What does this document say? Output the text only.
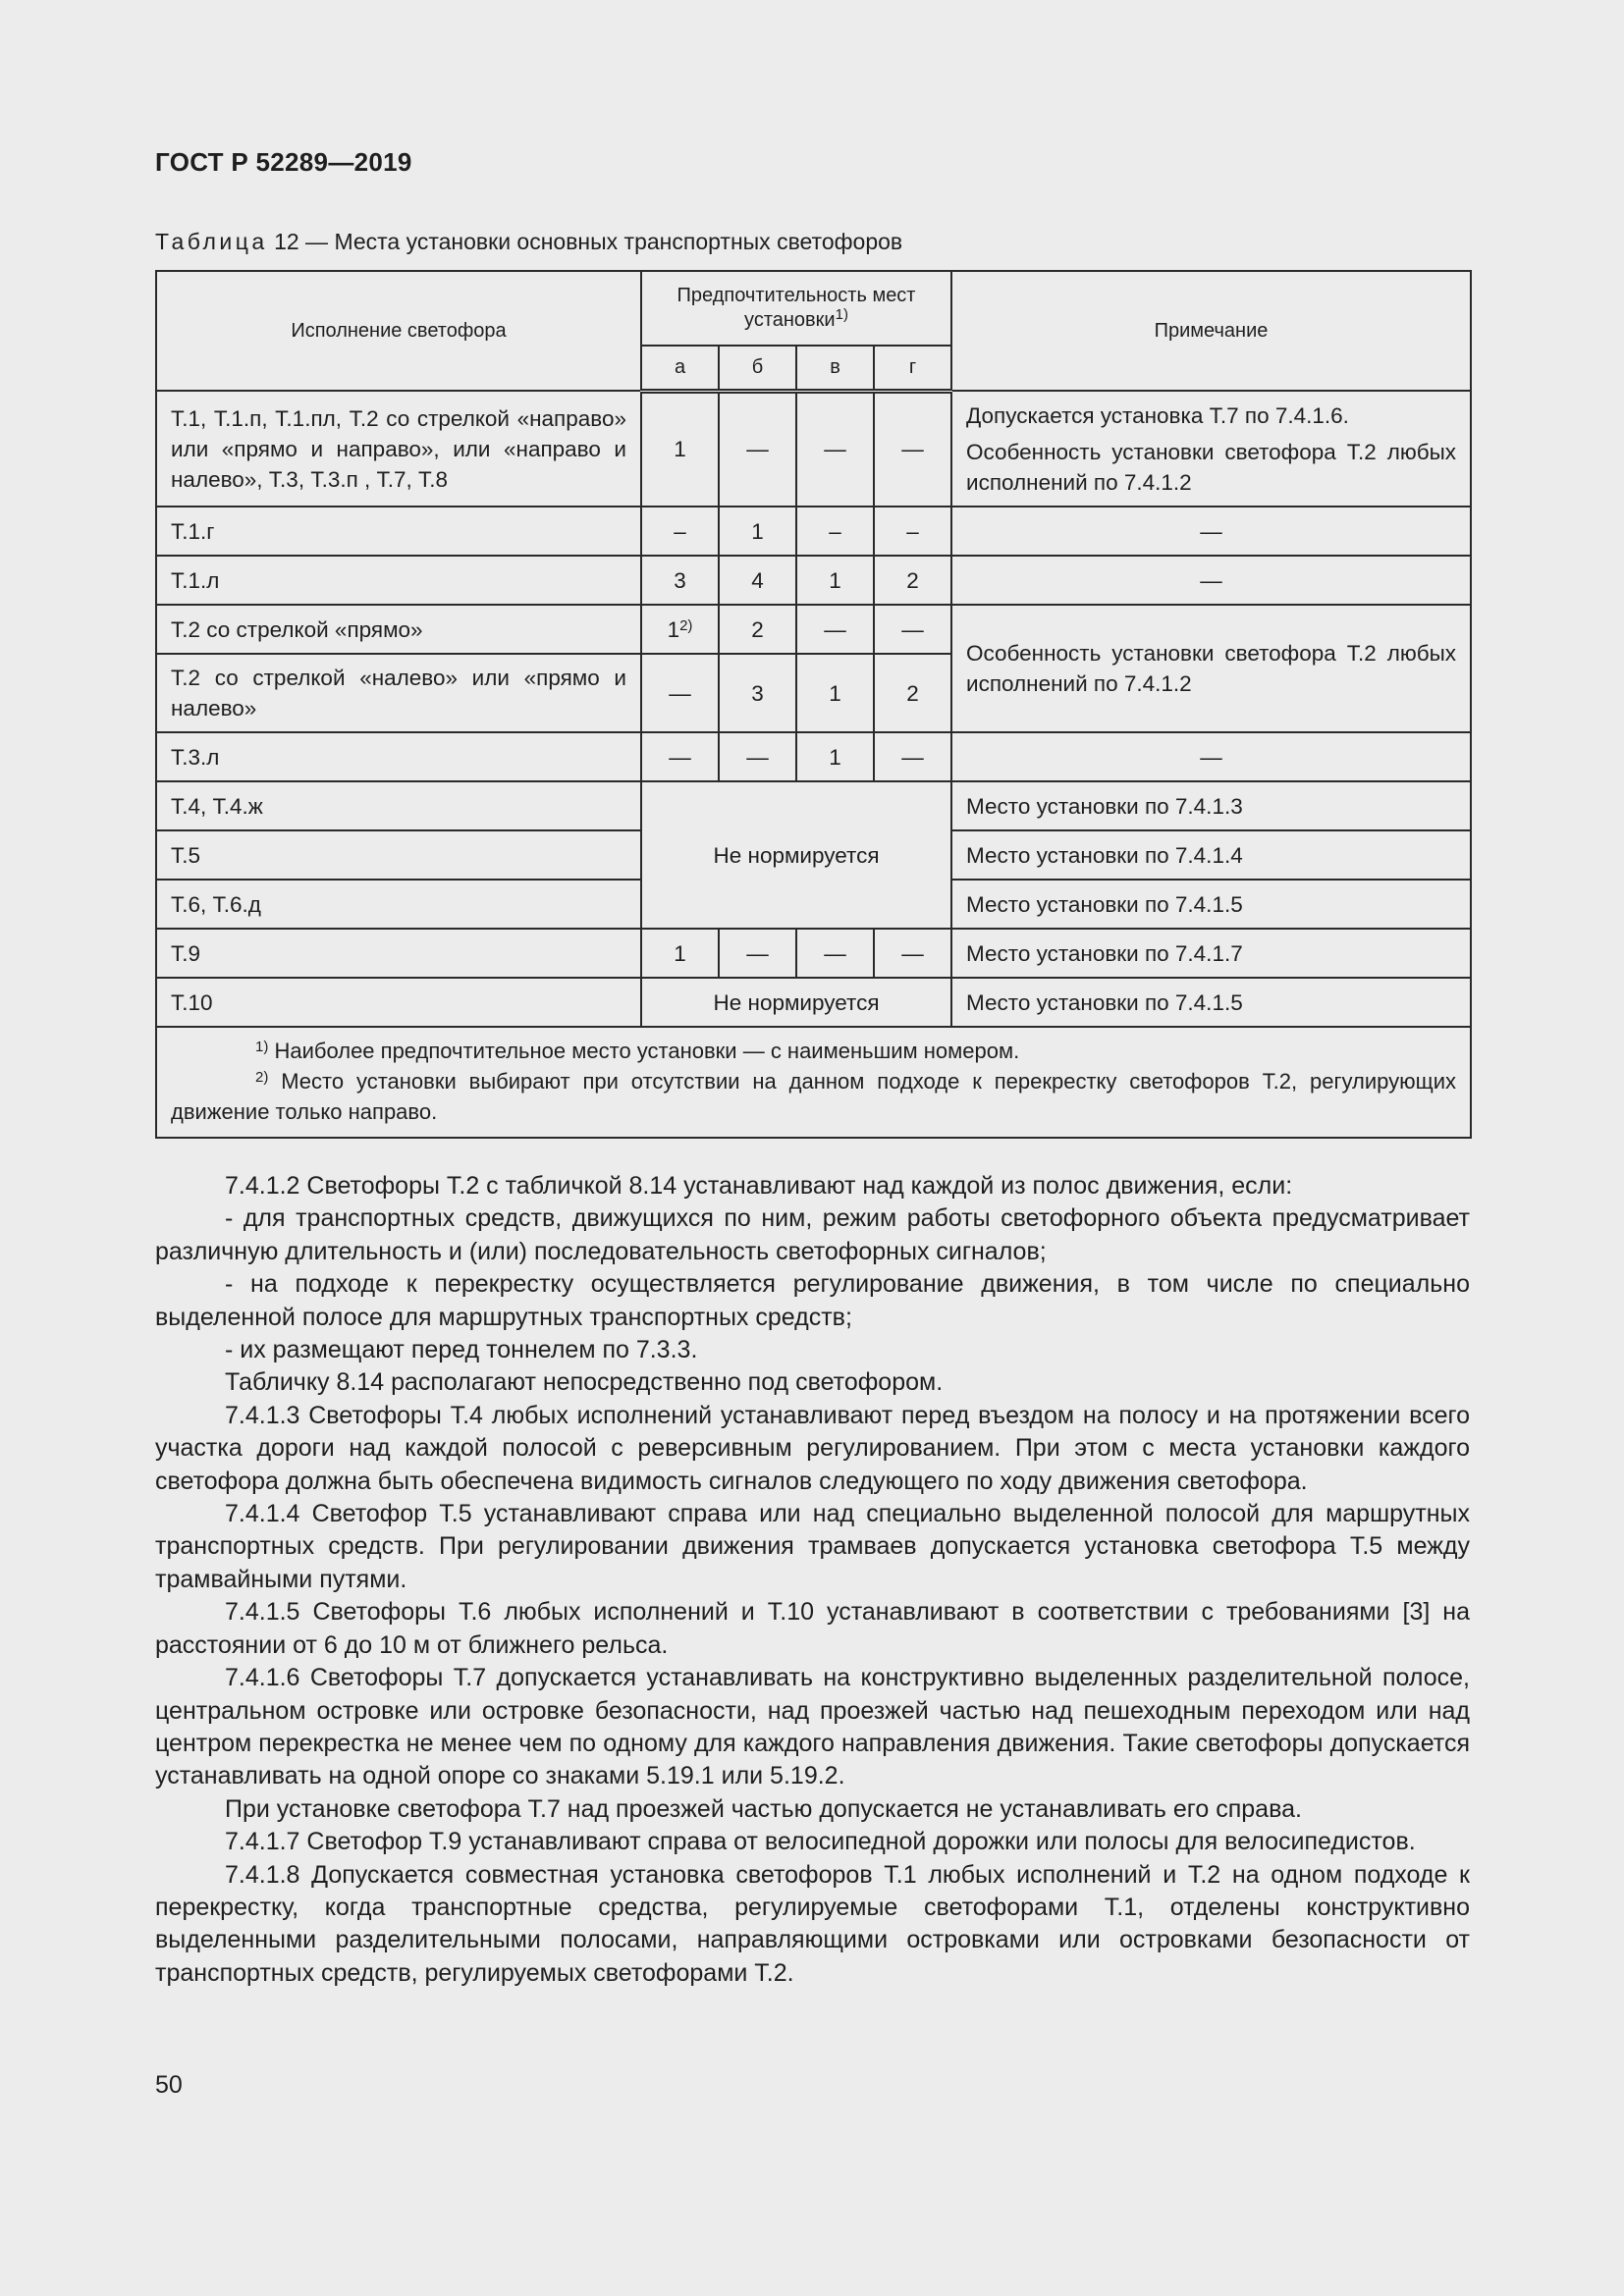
ГОСТ Р 52289—2019
Таблица 12 — Места установки основных транспортных светофоров
Исполнение светофора	Предпочтительность мест установки$^{1)}$				Примечание
	а	б	в	г	
Т.1, Т.1.п, Т.1.пл, Т.2 со стрелкой «направо» или «прямо и направо», или «направо и налево», Т.3, Т.3.п , Т.7, Т.8	1	—	—	—	Допускается установка Т.7 по 7.4.1.6.

Особенность установки светофора Т.2 любых исполнений по 7.4.1.2

Т.1.г	–	1	–	–	—
Т.1.л	3	4	1	2	—
Т.2 со стрелкой «прямо»	1$^{2)}$	2	—	—	Особенность установки светофора Т.2 любых исполнений по 7.4.1.2
Т.2 со стрелкой «налево» или «прямо и налево»	—	3	1	2	
Т.3.л	—	—	1	—	—
Т.4, Т.4.ж	Не нормируется				Место установки по 7.4.1.3
Т.5					Место установки по 7.4.1.4
Т.6, Т.6.д					Место установки по 7.4.1.5
Т.9	1	—	—	—	Место установки по 7.4.1.7
Т.10	Не нормируется				Место установки по 7.4.1.5

$^{1)}$ Наиболее предпочтительное место установки — с наименьшим номером.

$^{2)}$ Место установки выбирают при отсутствии на данном подходе к перекрестку светофоров Т.2, регулирующих движение только направо.					

7.4.1.2 Светофоры Т.2 с табличкой 8.14 устанавливают над каждой из полос движения, если:

- для транспортных средств, движущихся по ним, режим работы светофорного объекта предусматривает различную длительность и (или) последовательность светофорных сигналов;

- на подходе к перекрестку осуществляется регулирование движения, в том числе по специально выделенной полосе для маршрутных транспортных средств;

- их размещают перед тоннелем по 7.3.3.

Табличку 8.14 располагают непосредственно под светофором.

7.4.1.3 Светофоры Т.4 любых исполнений устанавливают перед въездом на полосу и на протяжении всего участка дороги над каждой полосой с реверсивным регулированием. При этом с места установки каждого светофора должна быть обеспечена видимость сигналов следующего по ходу движения светофора.

7.4.1.4 Светофор Т.5 устанавливают справа или над специально выделенной полосой для маршрутных транспортных средств. При регулировании движения трамваев допускается установка светофора Т.5 между трамвайными путями.

7.4.1.5 Светофоры Т.6 любых исполнений и Т.10 устанавливают в соответствии с требованиями [3] на расстоянии от 6 до 10 м от ближнего рельса.

7.4.1.6 Светофоры Т.7 допускается устанавливать на конструктивно выделенных разделительной полосе, центральном островке или островке безопасности, над проезжей частью над пешеходным переходом или над центром перекрестка не менее чем по одному для каждого направления движения. Такие светофоры допускается устанавливать на одной опоре со знаками 5.19.1 или 5.19.2.

При установке светофора Т.7 над проезжей частью допускается не устанавливать его справа.

7.4.1.7 Светофор Т.9 устанавливают справа от велосипедной дорожки или полосы для велосипедистов.

7.4.1.8 Допускается совместная установка светофоров Т.1 любых исполнений и Т.2 на одном подходе к перекрестку, когда транспортные средства, регулируемые светофорами Т.1, отделены конструктивно выделенными разделительными полосами, направляющими островками или островками безопасности от транспортных средств, регулируемых светофорами Т.2.

50
